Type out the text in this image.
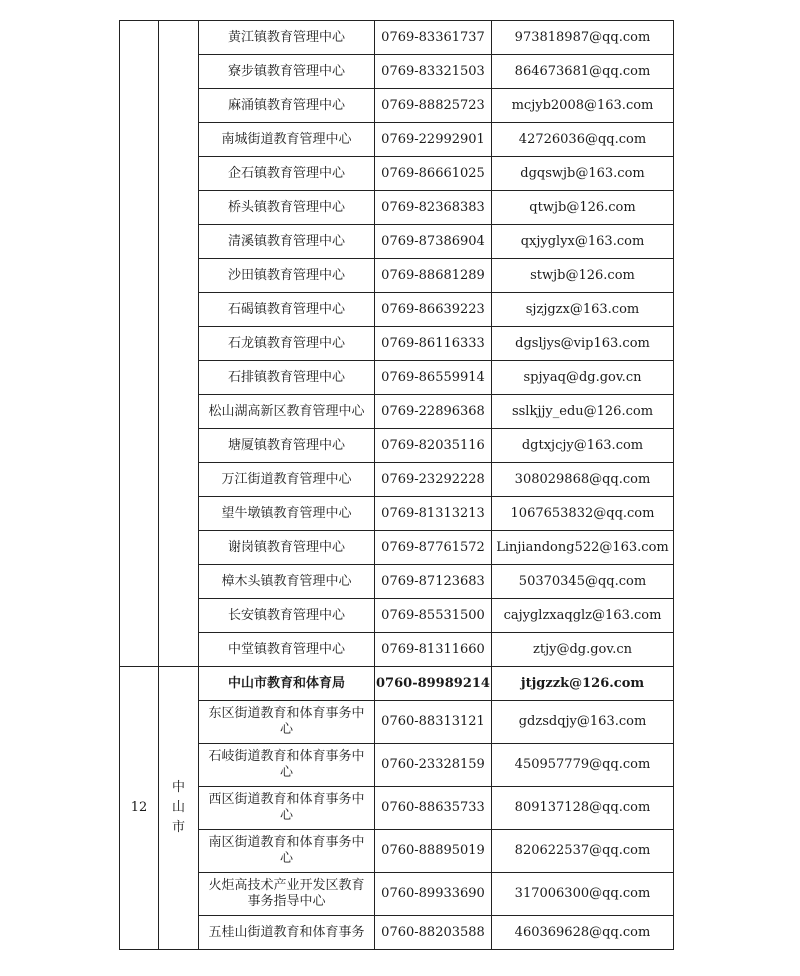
		黄江镇教育管理中心	0769-83361737	973818987@qq.com

		寮步镇教育管理中心	0769-83321503	864673681@qq.com

		麻涌镇教育管理中心	0769-88825723	mcjyb2008@163.com

		南城街道教育管理中心	0769-22992901	42726036@qq.com

		企石镇教育管理中心	0769-86661025	dgqswjb@163.com

		桥头镇教育管理中心	0769-82368383	qtwjb@126.com

		清溪镇教育管理中心	0769-87386904	qxjyglyx@163.com

		沙田镇教育管理中心	0769-88681289	stwjb@126.com

		石碣镇教育管理中心	0769-86639223	sjzjgzx@163.com

		石龙镇教育管理中心	0769-86116333	dgsljys@vip163.com

		石排镇教育管理中心	0769-86559914	spjyaq@dg.gov.cn

		松山湖高新区教育管理中心	0769-22896368	sslkjjy_edu@126.com

		塘厦镇教育管理中心	0769-82035116	dgtxjcjy@163.com

		万江街道教育管理中心	0769-23292228	308029868@qq.com

		望牛墩镇教育管理中心	0769-81313213	1067653832@qq.com

		谢岗镇教育管理中心	0769-87761572	Linjiandong522@163.com

		樟木头镇教育管理中心	0769-87123683	50370345@qq.com

		长安镇教育管理中心	0769-85531500	cajyglzxaqglz@163.com

		中堂镇教育管理中心	0769-81311660	ztjy@dg.gov.cn
12	中山市	中山市教育和体育局	0760-89989214	jtjgzzk@126.com

		东区街道教育和体育事务中心	0760-88313121	gdzsdqjy@163.com

		石岐街道教育和体育事务中心	0760-23328159	450957779@qq.com

		西区街道教育和体育事务中心	0760-88635733	809137128@qq.com

		南区街道教育和体育事务中心	0760-88895019	820622537@qq.com

		火炬高技术产业开发区教育事务指导中心	0760-89933690	317006300@qq.com

		五桂山街道教育和体育事务	0760-88203588	460369628@qq.com
